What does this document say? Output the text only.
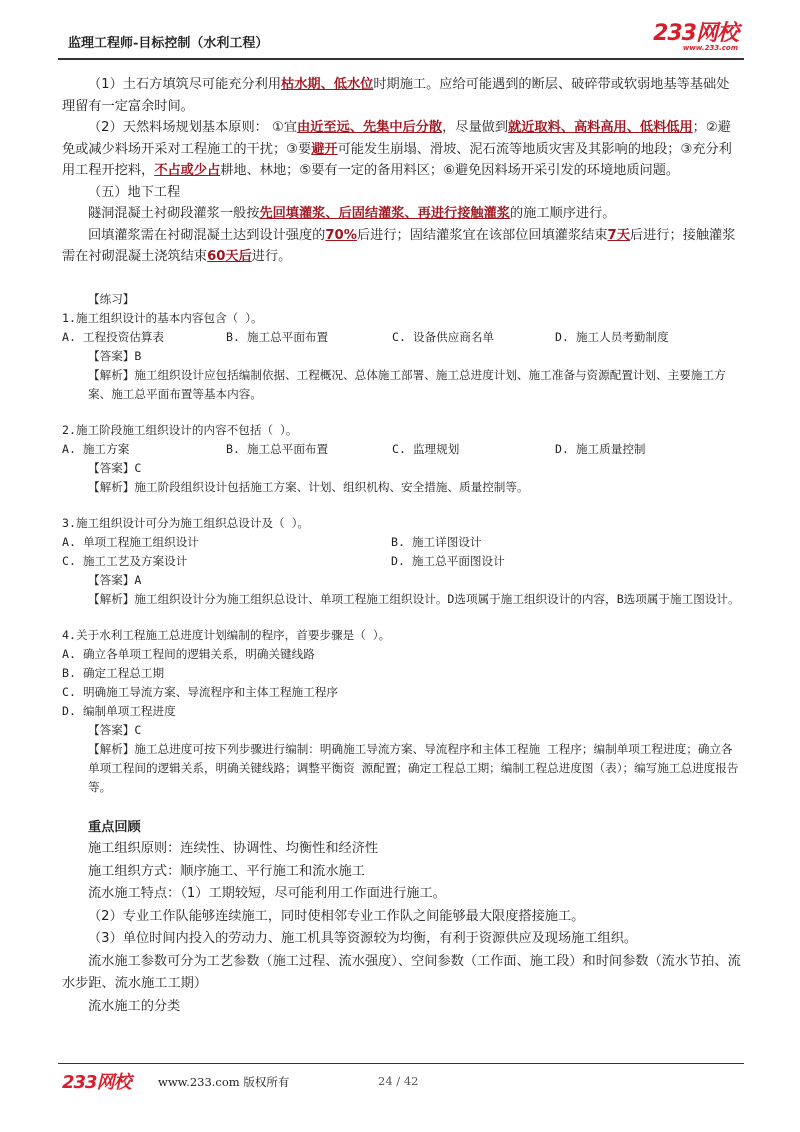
监理工程师-目标控制（水利工程）	233网校
www.233.com

（1）土石方填筑尽可能充分利用枯水期、低水位时期施工。应给可能遇到的断层、破碎带或软弱地基等基础处理留有一定富余时间。

（2）天然料场规划基本原则： ①宜由近至远、先集中后分散，尽量做到就近取料、高料高用、低料低用；②避免或减少料场开采对工程施工的干扰；③要避开可能发生崩塌、滑坡、泥石流等地质灾害及其影响的地段；③充分利用工程开挖料，不占或少占耕地、林地；⑤要有一定的备用料区；⑥避免因料场开采引发的环境地质问题。

（五）地下工程

隧洞混凝土衬砌段灌浆一般按先回填灌浆、后固结灌浆、再进行接触灌浆的施工顺序进行。

回填灌浆需在衬砌混凝土达到设计强度的70%后进行；固结灌浆宜在该部位回填灌浆结束7天后进行；接触灌浆需在衬砌混凝土浇筑结束60天后进行。

【练习】

1.施工组织设计的基本内容包含（ ）。

A. 工程投资估算表	B. 施工总平面布置	C. 设备供应商名单	D. 施工人员考勤制度

【答案】B

【解析】施工组织设计应包括编制依据、工程概况、总体施工部署、施工总进度计划、施工准备与资源配置计划、主要施工方案、施工总平面布置等基本内容。

2.施工阶段施工组织设计的内容不包括（ ）。

A. 施工方案	B. 施工总平面布置	C. 监理规划	D. 施工质量控制

【答案】C

【解析】施工阶段组织设计包括施工方案、计划、组织机构、安全措施、质量控制等。

3.施工组织设计可分为施工组织总设计及（ ）。

A. 单项工程施工组织设计	B. 施工详图设计
C. 施工工艺及方案设计	D. 施工总平面图设计

【答案】A

【解析】施工组织设计分为施工组织总设计、单项工程施工组织设计。D选项属于施工组织设计的内容，B选项属于施工图设计。

4.关于水利工程施工总进度计划编制的程序，首要步骤是（ ）。

A. 确立各单项工程间的逻辑关系，明确关键线路

B. 确定工程总工期

C. 明确施工导流方案、导流程序和主体工程施工程序

D. 编制单项工程进度

【答案】C

【解析】施工总进度可按下列步骤进行编制：明确施工导流方案、导流程序和主体工程施 工程序；编制单项工程进度；确立各单项工程间的逻辑关系，明确关键线路；调整平衡资 源配置；确定工程总工期；编制工程总进度图（表）；编写施工总进度报告等。

重点回顾

施工组织原则：连续性、协调性、均衡性和经济性

施工组织方式：顺序施工、平行施工和流水施工

流水施工特点：（1）工期较短，尽可能利用工作面进行施工。

（2）专业工作队能够连续施工，同时使相邻专业工作队之间能够最大限度搭接施工。

（3）单位时间内投入的劳动力、施工机具等资源较为均衡，有利于资源供应及现场施工组织。

流水施工参数可分为工艺参数（施工过程、流水强度）、空间参数（工作面、施工段）和时间参数（流水节拍、流水步距、流水施工工期）

流水施工的分类

233网校 www.233.com 版权所有	24 / 42
